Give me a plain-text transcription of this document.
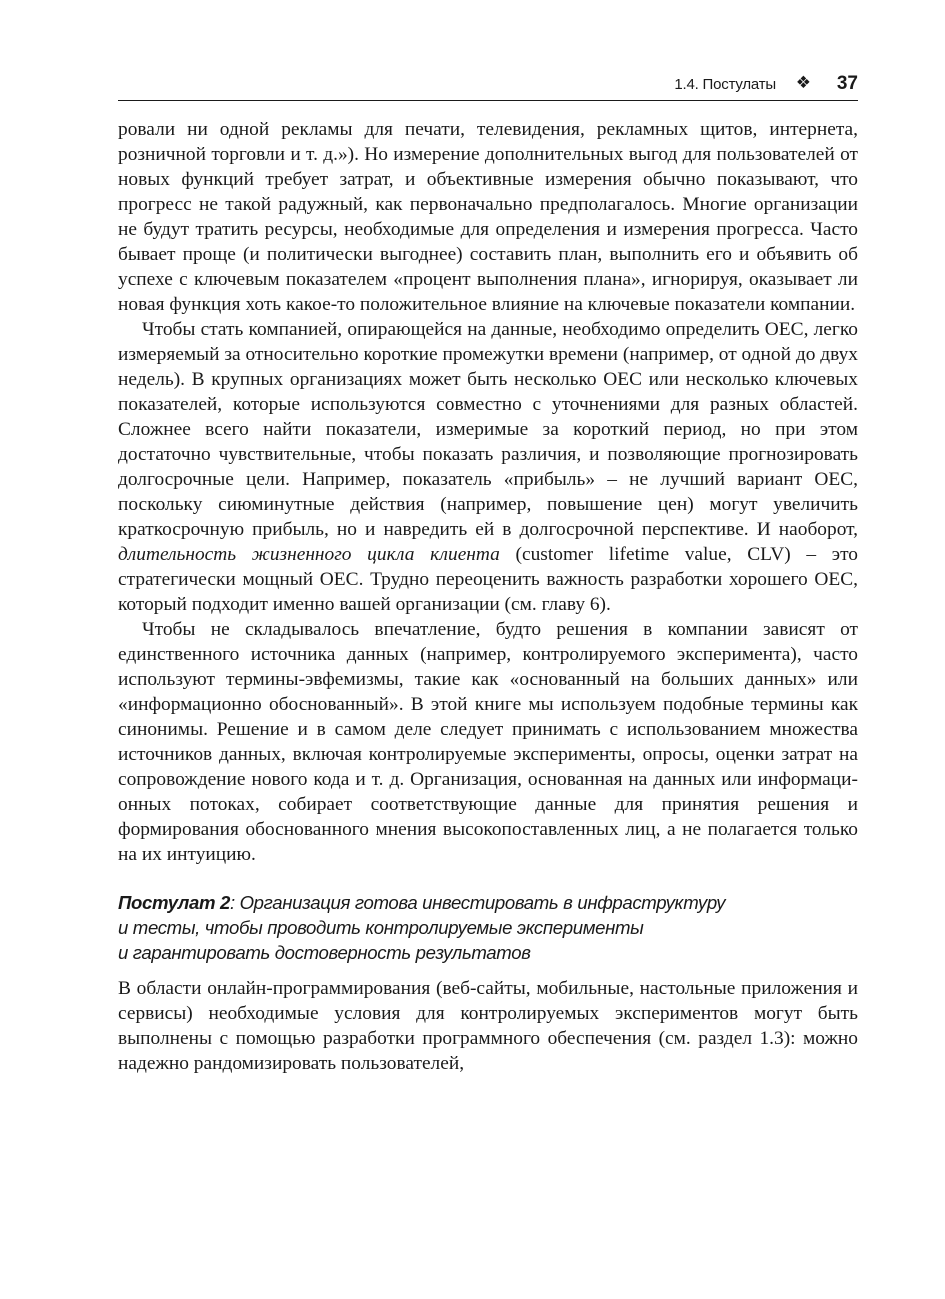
1.4. Постулаты ❖ 37

ровали ни одной рекламы для печати, телевидения, рекламных щитов, интернета, розничной торговли и т. д.»). Но измерение дополнительных выгод для пользователей от новых функций требует затрат, и объективные измерения обычно показывают, что прогресс не такой радужный, как первоначально предполагалось. Многие организации не будут тратить ресурсы, необходимые для определения и измерения прогресса. Часто бывает проще (и политически выгоднее) составить план, выполнить его и объявить об успехе с ключевым показателем «процент выполнения плана», игнорируя, оказывает ли новая функция хоть какое-то положительное влияние на ключевые показатели компании.

Чтобы стать компанией, опирающейся на данные, необходимо определить OEC, легко измеряемый за относительно короткие промежутки времени (например, от одной до двух недель). В крупных организациях может быть несколько OEC или несколько ключевых показателей, которые используются совместно с уточнениями для разных областей. Сложнее всего найти показатели, измеримые за короткий период, но при этом достаточно чувствительные, чтобы показать различия, и позволяющие прогнозировать долгосрочные цели. Например, показатель «прибыль» – не лучший вариант OEC, поскольку сиюминутные действия (например, повышение цен) могут увеличить краткосрочную прибыль, но и навредить ей в долгосрочной перспективе. И наоборот, длительность жизненного цикла клиента (customer lifetime value, CLV) – это стратегически мощный OEC. Трудно переоценить важность разработки хорошего OEC, который подходит именно вашей организации (см. главу 6).

Чтобы не складывалось впечатление, будто решения в компании зависят от единственного источника данных (например, контролируемого эксперимента), часто используют термины-эвфемизмы, такие как «основанный на больших данных» или «информационно обоснованный». В этой книге мы используем подобные термины как синонимы. Решение и в самом деле следует принимать с использованием множества источников данных, включая контролируемые эксперименты, опросы, оценки затрат на сопровождение нового кода и т. д. Организация, основанная на данных или информационных потоках, собирает соответствующие данные для принятия решения и формирования обоснованного мнения высокопоставленных лиц, а не полагается только на их интуицию.

Постулат 2: Организация готова инвестировать в инфраструктуру
и тесты, чтобы проводить контролируемые эксперименты
и гарантировать достоверность результатов

В области онлайн-программирования (веб-сайты, мобильные, настольные приложения и сервисы) необходимые условия для контролируемых экспериментов могут быть выполнены с помощью разработки программного обеспечения (см. раздел 1.3): можно надежно рандомизировать пользователей,
